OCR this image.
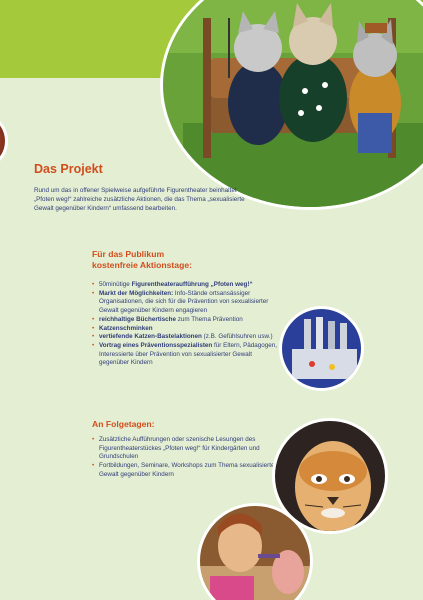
Das Projekt

Rund um das in offener Spielweise aufgeführte Figurentheater beinhaltet „Pfoten weg!“ zahlreiche zusätzliche Aktionen, die das Thema „sexualisierte Gewalt gegenüber Kindern“ umfassend bearbeiten.

Für das Publikum
kostenfreie Aktionstage:
• 50minütige Figurentheateraufführung „Pfoten weg!“
• Markt der Möglichkeiten: Info-Stände ortsansässiger Organisationen, die sich für die Prävention von sexualisierter Gewalt gegenüber Kindern engagieren
• reichhaltige Büchertische zum Thema Prävention
• Katzenschminken
• vertiefende Katzen-Bastelaktionen (z.B. Gefühlsuhren usw.)
• Vortrag eines Präventionsspezialisten für Eltern, Pädagogen, Interessierte über Prävention von sexualisierter Gewalt gegenüber Kindern
An Folgetagen:
• Zusätzliche Aufführungen oder szenische Lesungen des Figurentheaterstückes „Pfoten weg!“ für Kindergärten und Grundschulen
• Fortbildungen, Seminare, Workshops zum Thema sexualisierte Gewalt gegenüber Kindern
